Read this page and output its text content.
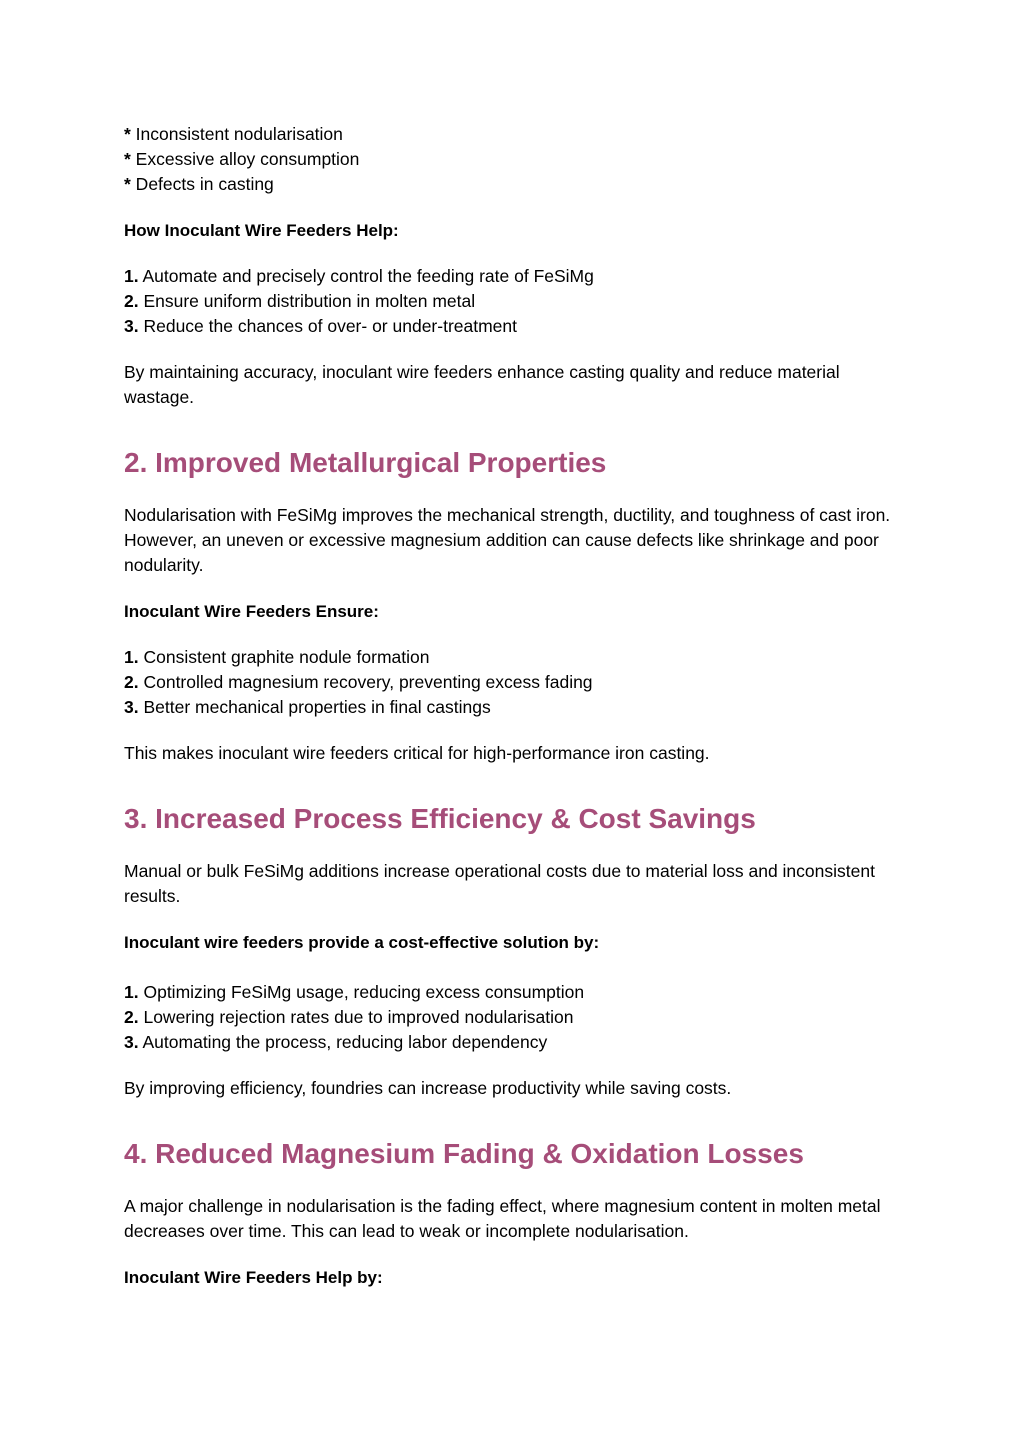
* Inconsistent nodularisation

* Excessive alloy consumption

* Defects in casting

How Inoculant Wire Feeders Help:

1. Automate and precisely control the feeding rate of FeSiMg

2. Ensure uniform distribution in molten metal

3. Reduce the chances of over- or under-treatment

By maintaining accuracy, inoculant wire feeders enhance casting quality and reduce material wastage.

2. Improved Metallurgical Properties

Nodularisation with FeSiMg improves the mechanical strength, ductility, and toughness of cast iron. However, an uneven or excessive magnesium addition can cause defects like shrinkage and poor nodularity.

Inoculant Wire Feeders Ensure:

1. Consistent graphite nodule formation

2. Controlled magnesium recovery, preventing excess fading

3. Better mechanical properties in final castings

This makes inoculant wire feeders critical for high-performance iron casting.

3. Increased Process Efficiency & Cost Savings

Manual or bulk FeSiMg additions increase operational costs due to material loss and inconsistent results.

Inoculant wire feeders provide a cost-effective solution by:

1. Optimizing FeSiMg usage, reducing excess consumption

2. Lowering rejection rates due to improved nodularisation

3. Automating the process, reducing labor dependency

By improving efficiency, foundries can increase productivity while saving costs.

4. Reduced Magnesium Fading & Oxidation Losses

A major challenge in nodularisation is the fading effect, where magnesium content in molten metal decreases over time. This can lead to weak or incomplete nodularisation.

Inoculant Wire Feeders Help by:
